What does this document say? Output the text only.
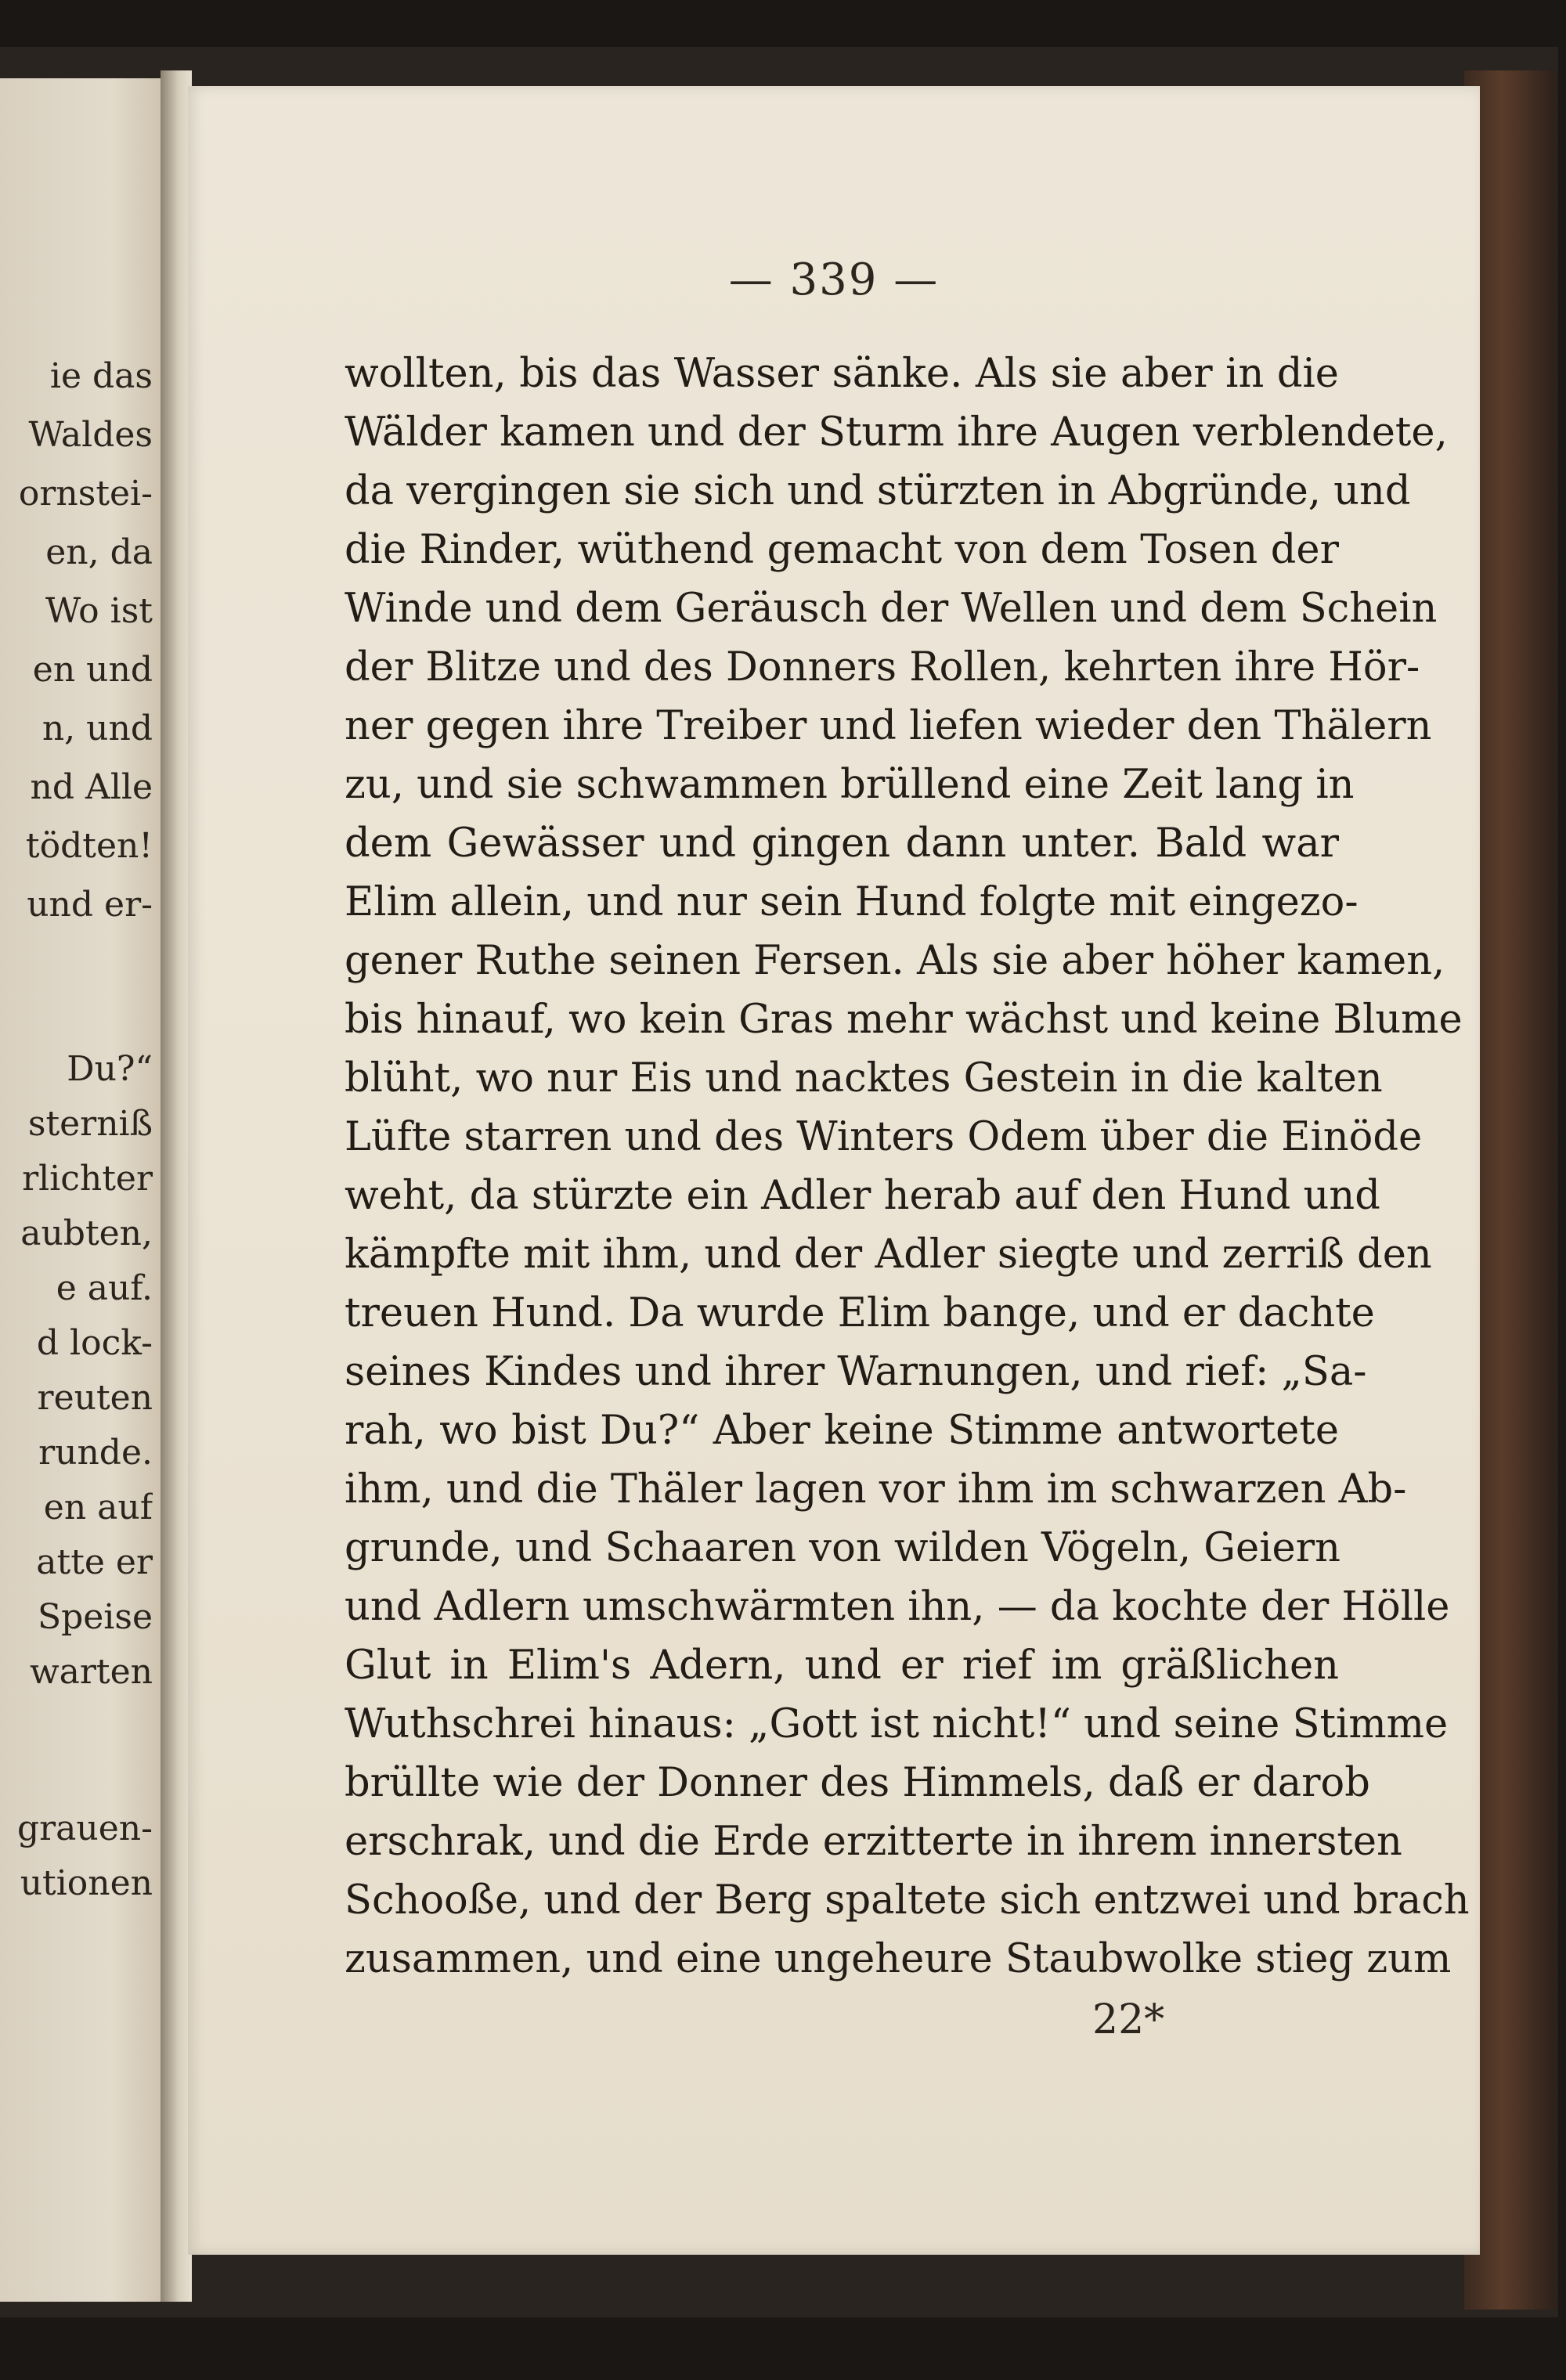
ie das
Waldes
ornstei-
en, da
Wo ist
en und
n, und
nd Alle
tödten!
und er-
Du?“
sterniß
rlichter
aubten,
e auf.
d lock-
reuten
runde.
en auf
atte er
Speise
warten
grauen-
utionen
— 339 —
wollten, bis das Wasser sänke. Als sie aber in die
Wälder kamen und der Sturm ihre Augen verblendete,
da vergingen sie sich und stürzten in Abgründe, und
die Rinder, wüthend gemacht von dem Tosen der
Winde und dem Geräusch der Wellen und dem Schein
der Blitze und des Donners Rollen, kehrten ihre Hör-
ner gegen ihre Treiber und liefen wieder den Thälern
zu, und sie schwammen brüllend eine Zeit lang in
dem Gewässer und gingen dann unter. Bald war
Elim allein, und nur sein Hund folgte mit eingezo-
gener Ruthe seinen Fersen. Als sie aber höher kamen,
bis hinauf, wo kein Gras mehr wächst und keine Blume
blüht, wo nur Eis und nacktes Gestein in die kalten
Lüfte starren und des Winters Odem über die Einöde
weht, da stürzte ein Adler herab auf den Hund und
kämpfte mit ihm, und der Adler siegte und zerriß den
treuen Hund. Da wurde Elim bange, und er dachte
seines Kindes und ihrer Warnungen, und rief: „Sa-
rah, wo bist Du?“ Aber keine Stimme antwortete
ihm, und die Thäler lagen vor ihm im schwarzen Ab-
grunde, und Schaaren von wilden Vögeln, Geiern
und Adlern umschwärmten ihn, — da kochte der Hölle
Glut in Elim's Adern, und er rief im gräßlichen
Wuthschrei hinaus: „Gott ist nicht!“ und seine Stimme
brüllte wie der Donner des Himmels, daß er darob
erschrak, und die Erde erzitterte in ihrem innersten
Schooße, und der Berg spaltete sich entzwei und brach
zusammen, und eine ungeheure Staubwolke stieg zum
22*
